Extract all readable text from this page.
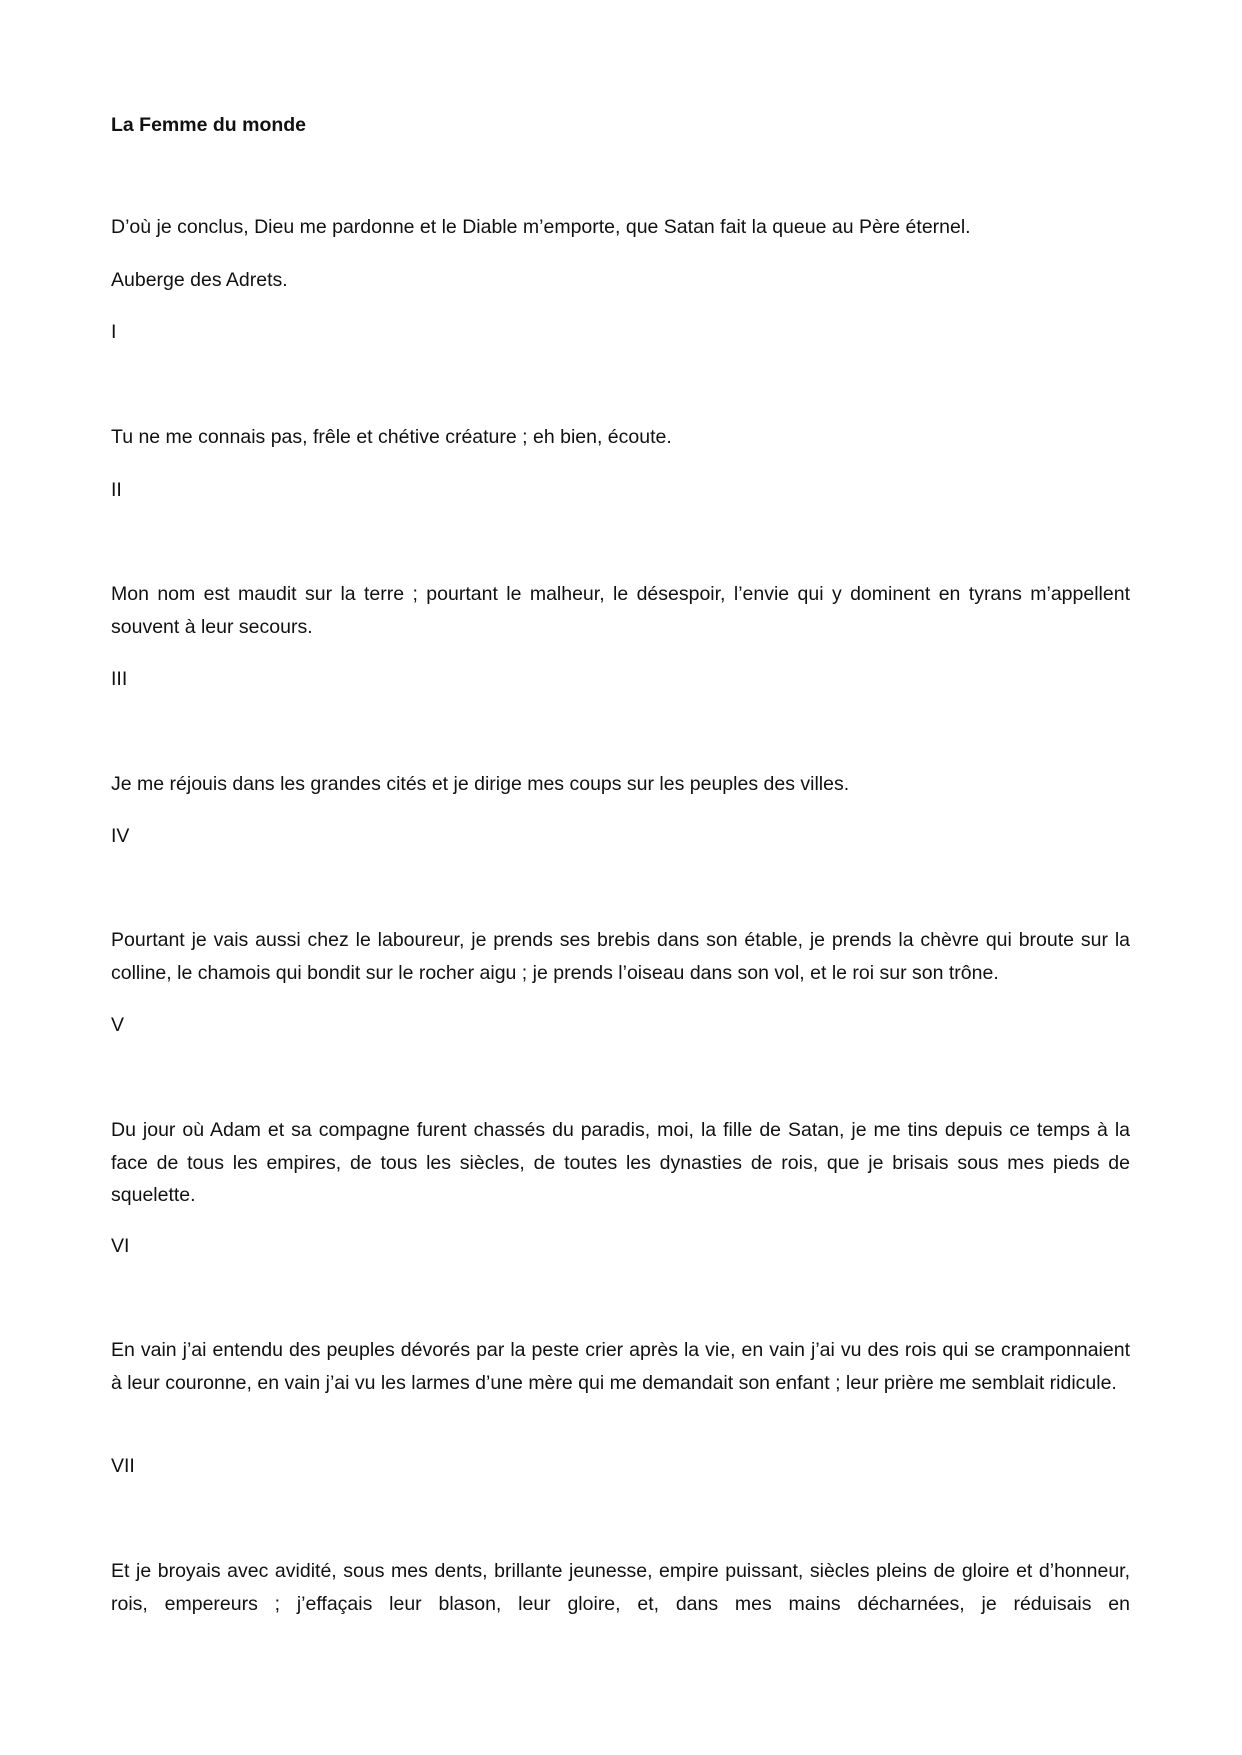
La Femme du monde

D’où je conclus, Dieu me pardonne et le Diable m’emporte, que Satan fait la queue au Père éternel.

Auberge des Adrets.

I

Tu ne me connais pas, frêle et chétive créature ; eh bien, écoute.

II

Mon nom est maudit sur la terre ; pourtant le malheur, le désespoir, l’envie qui y dominent en tyrans m’appellent souvent à leur secours.

III

Je me réjouis dans les grandes cités et je dirige mes coups sur les peuples des villes.

IV

Pourtant je vais aussi chez le laboureur, je prends ses brebis dans son étable, je prends la chèvre qui broute sur la colline, le chamois qui bondit sur le rocher aigu ; je prends l’oiseau dans son vol, et le roi sur son trône.

V

Du jour où Adam et sa compagne furent chassés du paradis, moi, la fille de Satan, je me tins depuis ce temps à la face de tous les empires, de tous les siècles, de toutes les dynasties de rois, que je brisais sous mes pieds de squelette.

VI

En vain j’ai entendu des peuples dévorés par la peste crier après la vie, en vain j’ai vu des rois qui se cramponnaient à leur couronne, en vain j’ai vu les larmes d’une mère qui me demandait son enfant ; leur prière me semblait ridicule.

VII

Et je broyais avec avidité, sous mes dents, brillante jeunesse, empire puissant, siècles pleins de gloire et d’honneur, rois, empereurs ; j’effaçais leur blason, leur gloire, et, dans mes mains décharnées, je réduisais en
